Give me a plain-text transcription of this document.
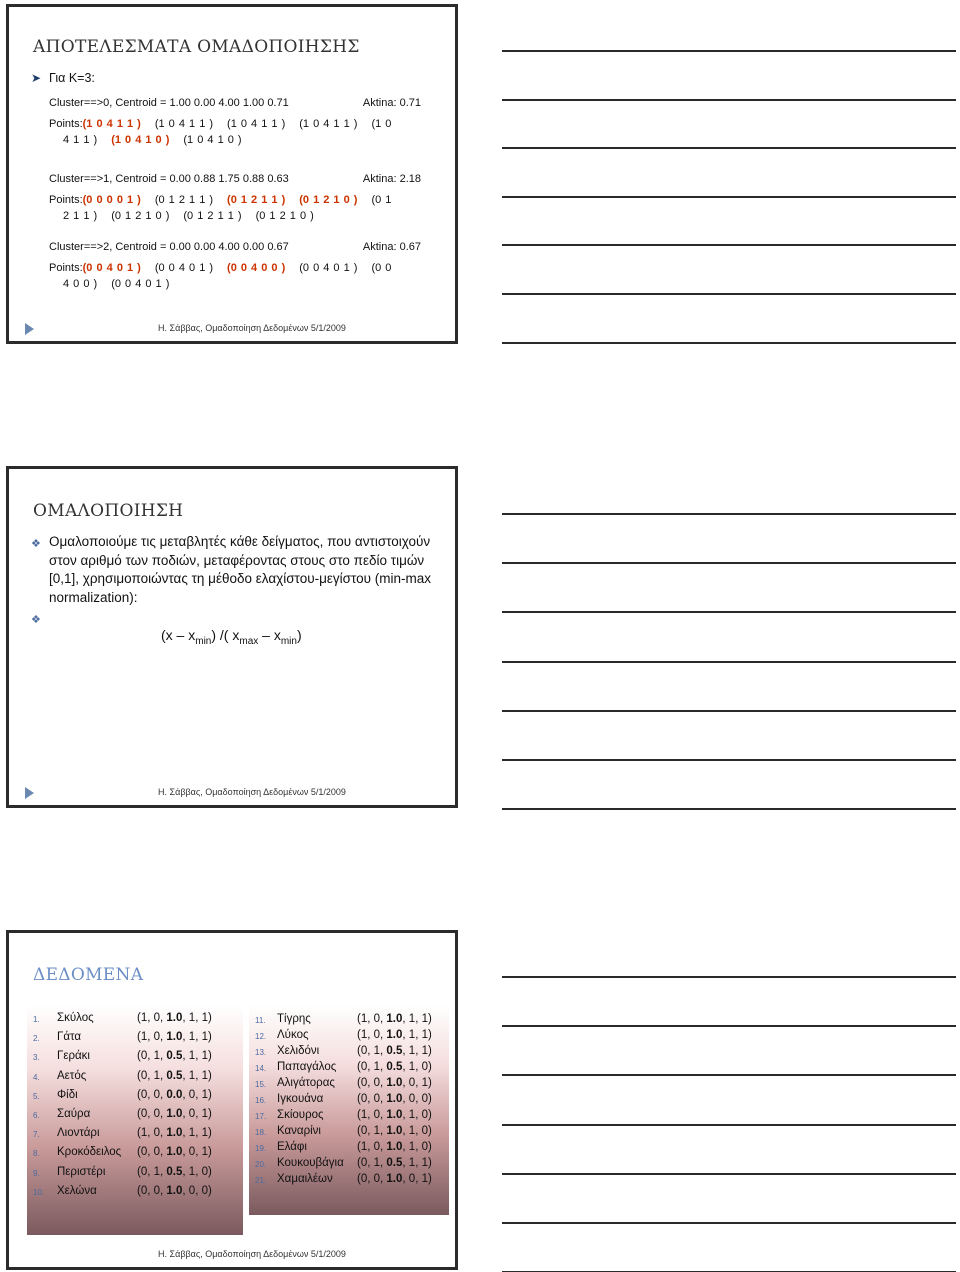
ΑΠΟΤΕΛΕΣΜΑΤΑ ΟΜΑΔΟΠΟΙΗΣΗΣ
➤ Για K=3:
Η. Σάββας, Ομαδοποίηση Δεδομένων 5/1/2009
Cluster==>0, Centroid = 1.00 0.00 4.00 1.00 0.71	Aktina: 0.71
Points:(1 0 4 1 1 ) (1 0 4 1 1 ) (1 0 4 1 1 ) (1 0 4 1 1 ) (1 0
4 1 1 ) (1 0 4 1 0 ) (1 0 4 1 0 )
Cluster==>1, Centroid = 0.00 0.88 1.75 0.88 0.63	Aktina: 2.18
Points:(0 0 0 0 1 ) (0 1 2 1 1 ) (0 1 2 1 1 ) (0 1 2 1 0 ) (0 1
2 1 1 ) (0 1 2 1 0 ) (0 1 2 1 1 ) (0 1 2 1 0 )
Cluster==>2, Centroid = 0.00 0.00 4.00 0.00 0.67	Aktina: 0.67
Points:(0 0 4 0 1 ) (0 0 4 0 1 ) (0 0 4 0 0 ) (0 0 4 0 1 ) (0 0
4 0 0 ) (0 0 4 0 1 )
ΟΜΑΛΟΠΟΙΗΣΗ
❖ Ομαλοποιούμε τις μεταβλητές κάθε δείγματος, που αντιστοιχούν στον αριθμό των ποδιών, μεταφέροντας στους στο πεδίο τιμών [0,1], χρησιμοποιώντας τη μέθοδο ελαχίστου-μεγίστου (min-max normalization):
❖
$(x - x_{min})$ /( $x_{max} - x_{min}$)
Η. Σάββας, Ομαδοποίηση Δεδομένων 5/1/2009
ΔΕΔΟΜΕΝΑ
1. Σκύλος	(1, 0, 1.0, 1, 1)
2. Γάτα	(1, 0, 1.0, 1, 1)
3. Γεράκι	(0, 1, 0.5, 1, 1)
4. Αετός	(0, 1, 0.5, 1, 1)
5. Φίδι	(0, 0, 0.0, 0, 1)
6. Σαύρα	(0, 0, 1.0, 0, 1)
7. Λιοντάρι	(1, 0, 1.0, 1, 1)
8. Κροκόδειλος (0, 0, 1.0, 0, 1)
9. Περιστέρι	(0, 1, 0.5, 1, 0)
10. Χελώνα	(0, 0, 1.0, 0, 0)
11. Τίγρης	(1, 0, 1.0, 1, 1)
12. Λύκος	(1, 0, 1.0, 1, 1)
13. Χελιδόνι	(0, 1, 0.5, 1, 1)
14. Παπαγάλος (0, 1, 0.5, 1, 0)
15. Αλιγάτορας (0, 0, 1.0, 0, 1)
16. Ιγκουάνα	(0, 0, 1.0, 0, 0)
17. Σκίουρος	(1, 0, 1.0, 1, 0)
18. Καναρίνι	(0, 1, 1.0, 1, 0)
19. Ελάφι	(1, 0, 1.0, 1, 0)
20. Κουκουβάγια (0, 1, 0.5, 1, 1)
21. Χαμαιλέων (0, 0, 1.0, 0, 1)
Η. Σάββας, Ομαδοποίηση Δεδομένων 5/1/2009
